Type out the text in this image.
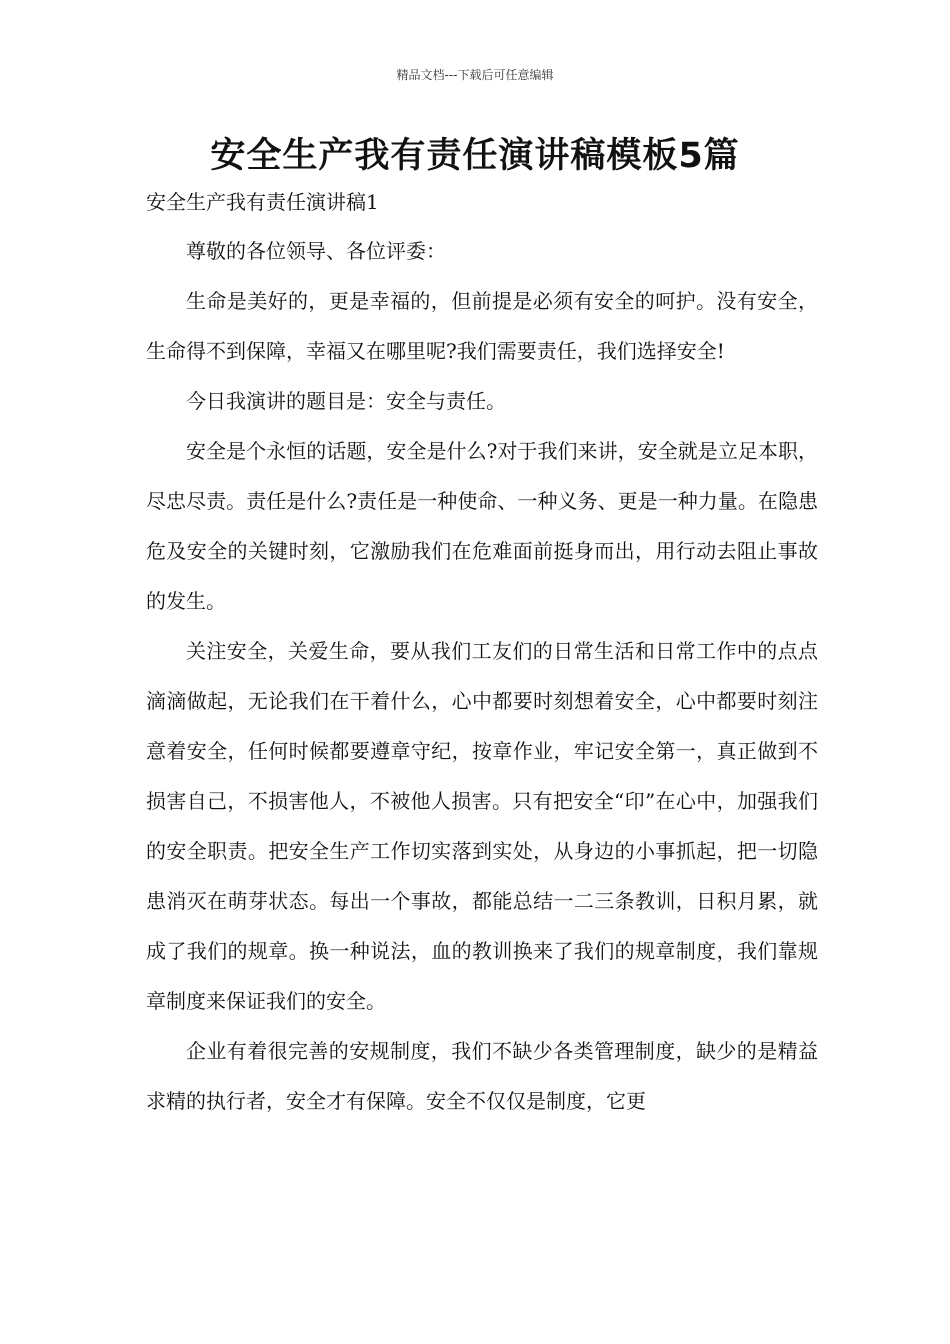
精品文档---下载后可任意编辑
安全生产我有责任演讲稿模板5篇
安全生产我有责任演讲稿1

尊敬的各位领导、各位评委：

生命是美好的，更是幸福的，但前提是必须有安全的呵护。没有安全，生命得不到保障，幸福又在哪里呢?我们需要责任，我们选择安全!

今日我演讲的题目是：安全与责任。

安全是个永恒的话题，安全是什么?对于我们来讲，安全就是立足本职，尽忠尽责。责任是什么?责任是一种使命、一种义务、更是一种力量。在隐患危及安全的关键时刻，它激励我们在危难面前挺身而出，用行动去阻止事故的发生。

关注安全，关爱生命，要从我们工友们的日常生活和日常工作中的点点滴滴做起，无论我们在干着什么，心中都要时刻想着安全，心中都要时刻注意着安全，任何时候都要遵章守纪，按章作业，牢记安全第一，真正做到不损害自己，不损害他人，不被他人损害。只有把安全“印”在心中，加强我们的安全职责。把安全生产工作切实落到实处，从身边的小事抓起，把一切隐患消灭在萌芽状态。每出一个事故，都能总结一二三条教训，日积月累，就成了我们的规章。换一种说法，血的教训换来了我们的规章制度，我们靠规章制度来保证我们的安全。

企业有着很完善的安规制度，我们不缺少各类管理制度，缺少的是精益求精的执行者，安全才有保障。安全不仅仅是制度，它更
